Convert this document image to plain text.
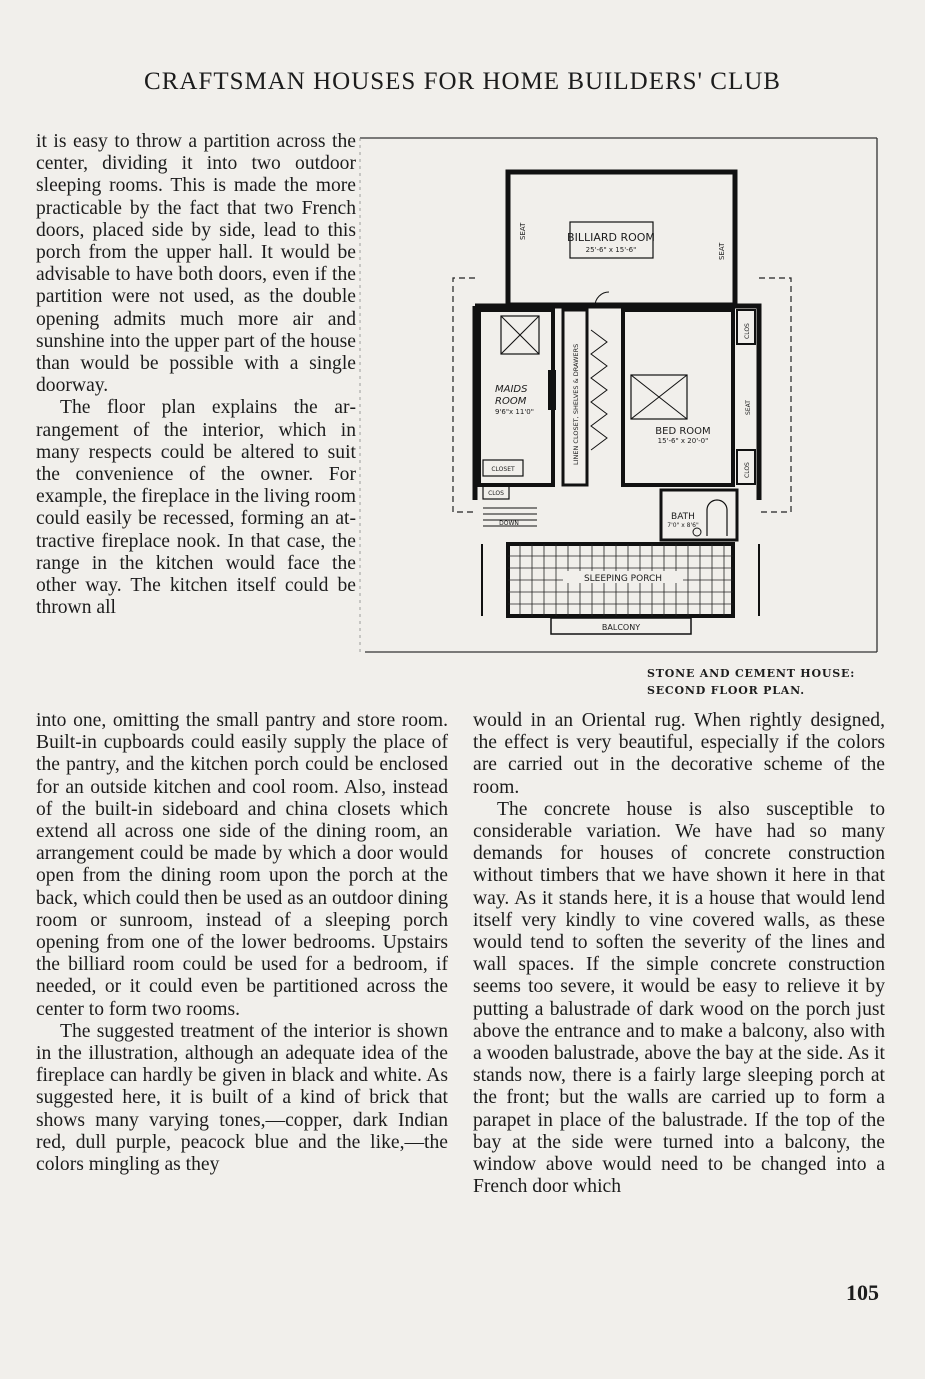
CRAFTSMAN HOUSES FOR HOME BUILDERS' CLUB

it is easy to throw a partition across the center, dividing it into two outdoor sleeping rooms. This is made the more practicable by the fact that two French doors, placed side by side, lead to this porch from the upper hall. It would be advisable to have both doors, even if the partition were not used, as the double opening admits much more air and sunshine into the upper part of the house than would be possible with a single doorway.

The floor plan explains the arrangement of the interior, which in many respects could be altered to suit the convenience of the owner. For example, the fireplace in the living room could easily be recessed, forming an attractive fireplace nook. In that case, the range in the kitchen would face the other way. The kitchen itself could be thrown all

into one, omitting the small pantry and store room. Built-in cupboards could easily supply the place of the pantry, and the kitchen porch could be enclosed for an outside kitchen and cool room. Also, instead of the built-in sideboard and china closets which extend all across one side of the dining room, an arrangement could be made by which a door would open from the dining room upon the porch at the back, which could then be used as an outdoor dining room or sunroom, instead of a sleeping porch opening from one of the lower bedrooms. Upstairs the billiard room could be used for a bedroom, if needed, or it could even be partitioned across the center to form two rooms.

The suggested treatment of the interior is shown in the illustration, although an adequate idea of the fireplace can hardly be given in black and white. As suggested here, it is built of a kind of brick that shows many varying tones,—copper, dark Indian red, dull purple, peacock blue and the like,—the colors mingling as they

would in an Oriental rug. When rightly designed, the effect is very beautiful, especially if the colors are carried out in the decorative scheme of the room.

The concrete house is also susceptible to considerable variation. We have had so many demands for houses of concrete construction without timbers that we have shown it here in that way. As it stands here, it is a house that would lend itself very kindly to vine covered walls, as these would tend to soften the severity of the lines and wall spaces. If the simple concrete construction seems too severe, it would be easy to relieve it by putting a balustrade of dark wood on the porch just above the entrance and to make a balcony, also with a wooden balustrade, above the bay at the side. As it stands now, there is a fairly large sleeping porch at the front; but the walls are carried up to form a parapet in place of the balustrade. If the top of the bay at the side were turned into a balcony, the window above would need to be changed into a French door which

BILLIARD ROOM
25'-6" x 15'-6"
SEAT
SEAT
MAIDS
ROOM
9'6"x 11'0"
CLOSET
LINEN CLOSET, SHELVES & DRAWERS	BED ROOM
15'-6" x 20'-0"
CLOS
SEAT
CLOS
CLOS
DOWN
BATH
7'0" x 8'6"
SLEEPING PORCH
BALCONY
STONE AND CEMENT HOUSE:
SECOND FLOOR PLAN.
105
